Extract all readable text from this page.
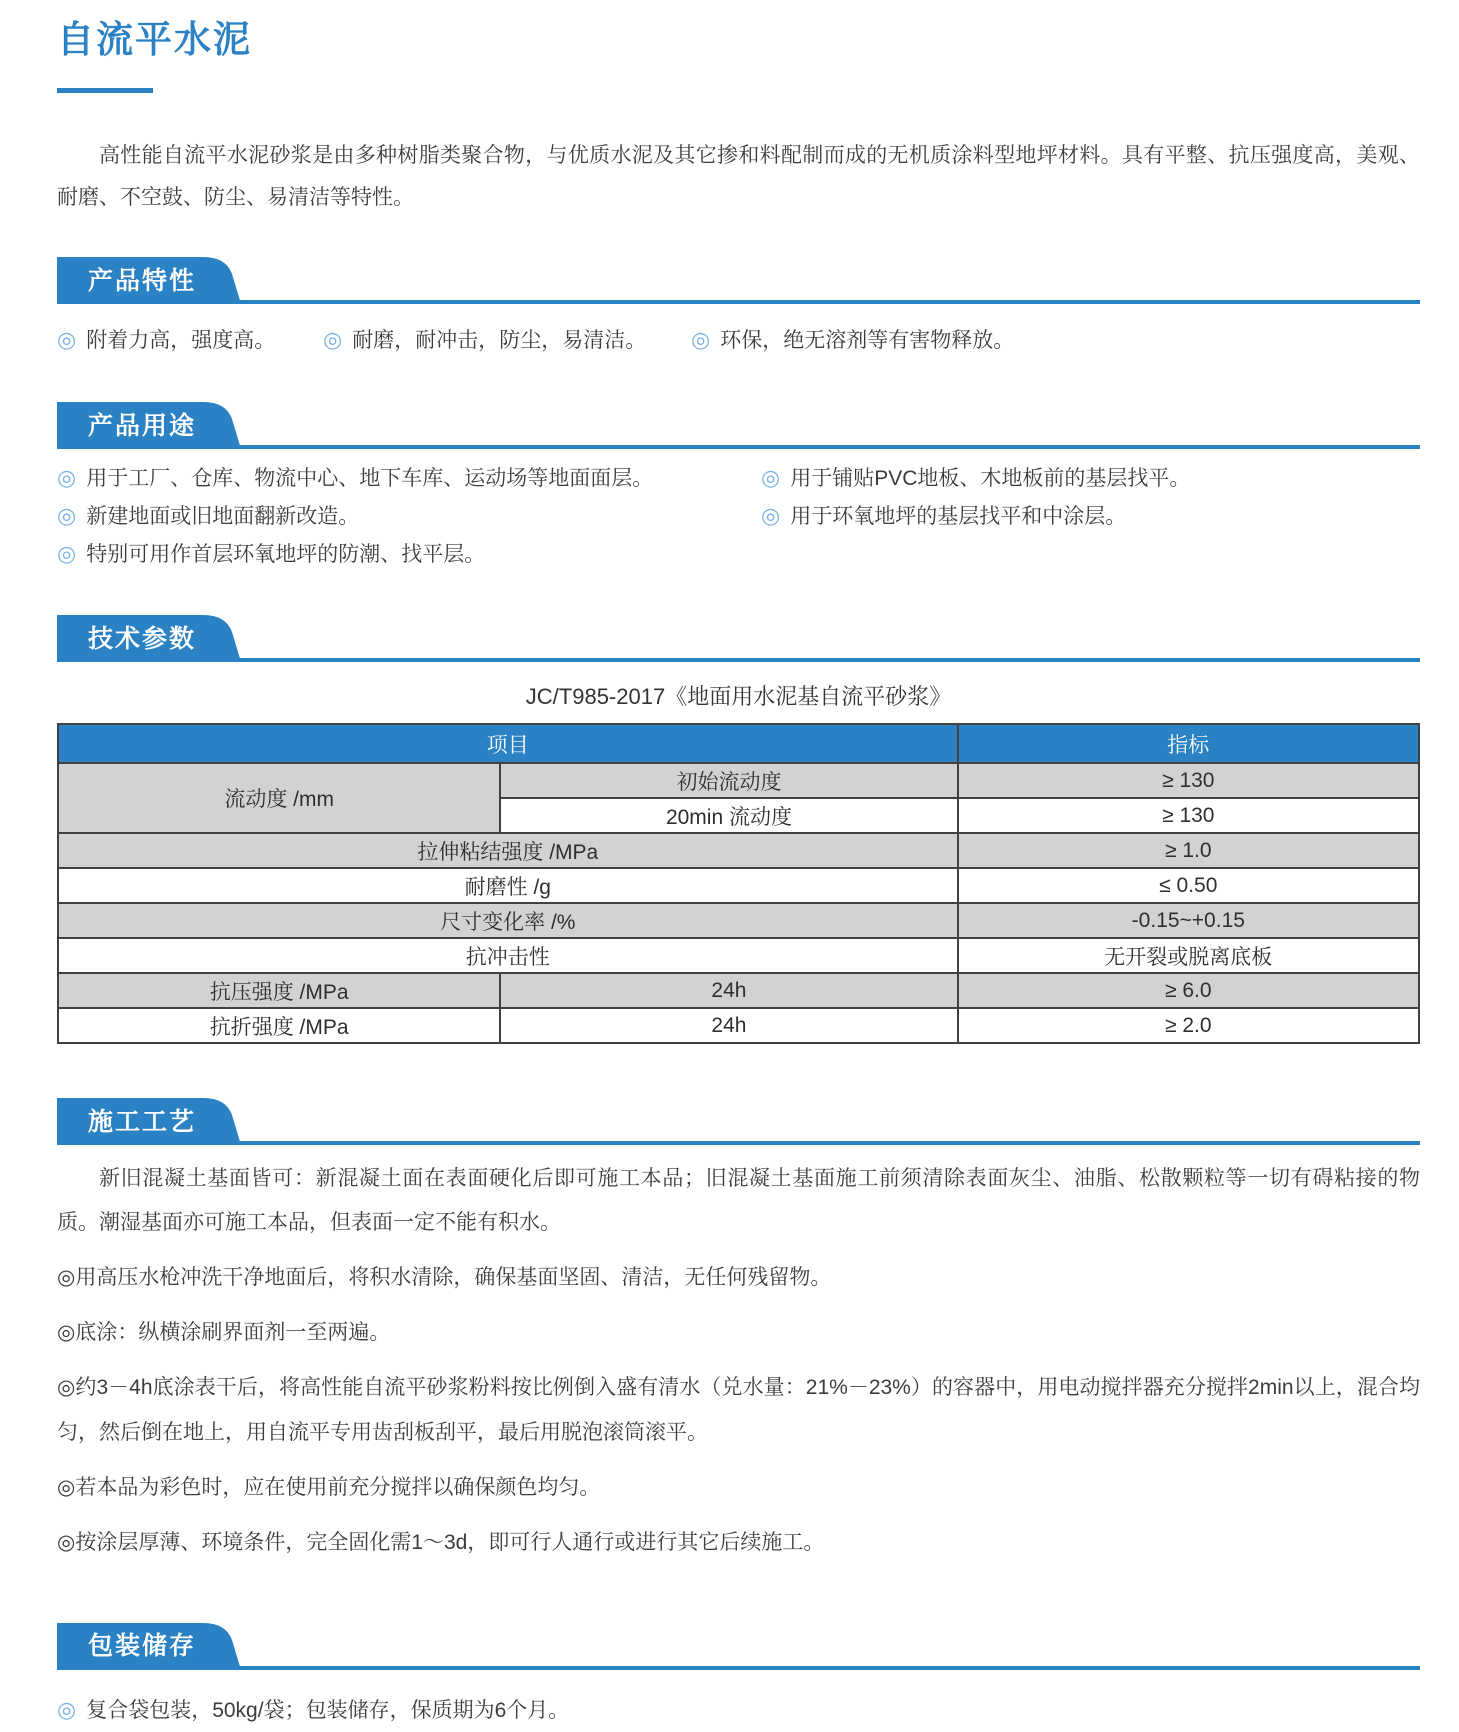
自流平水泥

高性能自流平水泥砂浆是由多种树脂类聚合物，与优质水泥及其它掺和料配制而成的无机质涂料型地坪材料。具有平整、抗压强度高，美观、耐磨、不空鼓、防尘、易清洁等特性。

产品特性

◎ 附着力高，强度高。	◎ 耐磨，耐冲击，防尘，易清洁。	◎ 环保，绝无溶剂等有害物释放。

产品用途

◎ 用于工厂、仓库、物流中心、地下车库、运动场等地面面层。	◎ 用于铺贴PVC地板、木地板前的基层找平。

◎ 新建地面或旧地面翻新改造。	◎ 用于环氧地坪的基层找平和中涂层。

◎ 特别可用作首层环氧地坪的防潮、找平层。

技术参数

JC/T985-2017《地面用水泥基自流平砂浆》

项目		指标
流动度 /mm	初始流动度	≥ 130
	20min 流动度	≥ 130
拉伸粘结强度 /MPa		≥ 1.0
耐磨性 /g		≤ 0.50
尺寸变化率 /%		-0.15~+0.15
抗冲击性		无开裂或脱离底板
抗压强度 /MPa	24h	≥ 6.0
抗折强度 /MPa	24h	≥ 2.0
施工工艺

新旧混凝土基面皆可：新混凝土面在表面硬化后即可施工本品；旧混凝土基面施工前须清除表面灰尘、油脂、松散颗粒等一切有碍粘接的物质。潮湿基面亦可施工本品，但表面一定不能有积水。

◎用高压水枪冲洗干净地面后，将积水清除，确保基面坚固、清洁，无任何残留物。

◎底涂：纵横涂刷界面剂一至两遍。

◎约3－4h底涂表干后，将高性能自流平砂浆粉料按比例倒入盛有清水（兑水量：21%－23%）的容器中，用电动搅拌器充分搅拌2min以上，混合均匀，然后倒在地上，用自流平专用齿刮板刮平，最后用脱泡滚筒滚平。

◎若本品为彩色时，应在使用前充分搅拌以确保颜色均匀。

◎按涂层厚薄、环境条件，完全固化需1～3d，即可行人通行或进行其它后续施工。

包装储存

◎ 复合袋包装，50kg/袋；包装储存，保质期为6个月。
